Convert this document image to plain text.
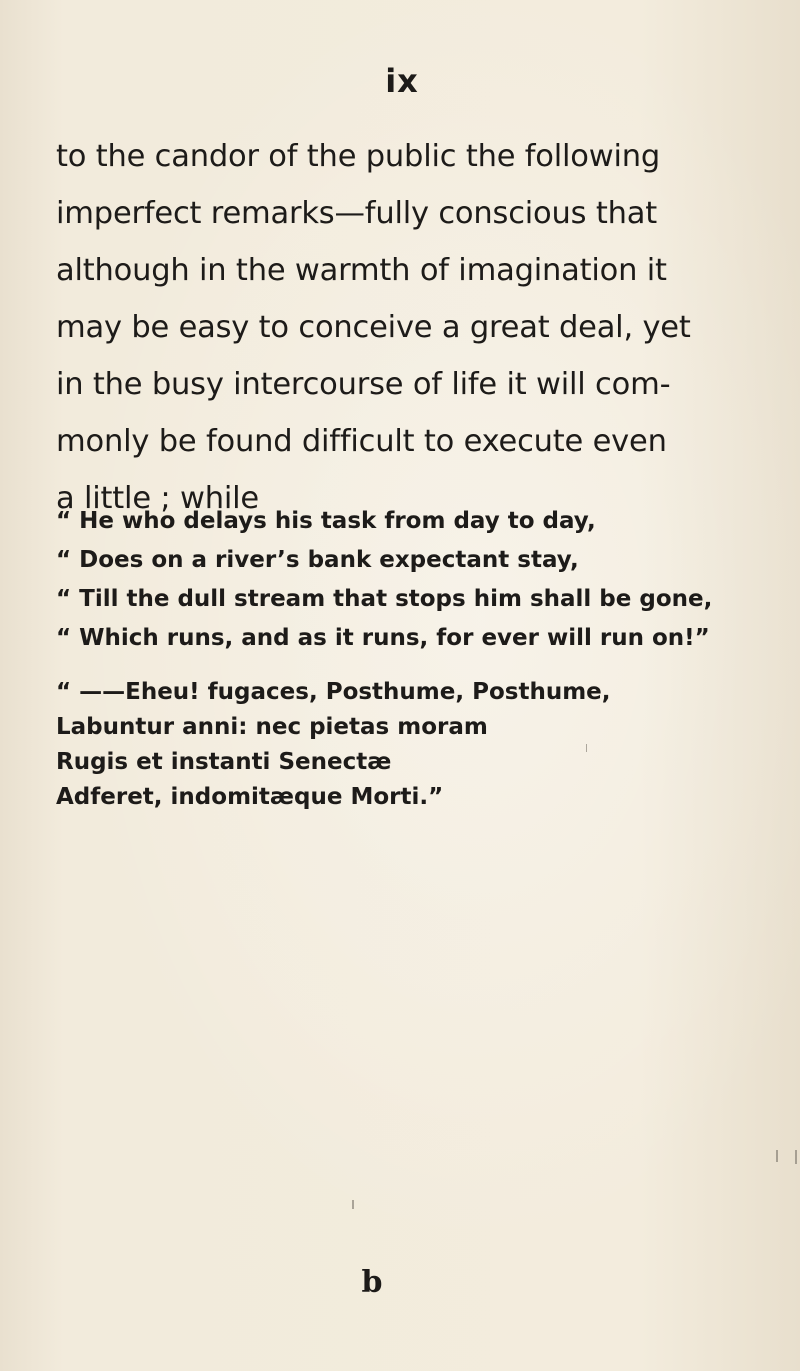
ix
to the candor of the public the following
imperfect remarks—fully conscious that
although in the warmth of imagination it
may be easy to conceive a great deal, yet
in the busy intercourse of life it will com-
monly be found difficult to execute even
a little ; while
“ He who delays his task from day to day,
“ Does on a river’s bank expectant stay,
“ Till the dull stream that stops him shall be gone,
“ Which runs, and as it runs, for ever will run on!”
“ ——Eheu! fugaces, Posthume, Posthume,
Labuntur anni: nec pietas moram
Rugis et instanti Senectæ
Adferet, indomitæque Morti.”
b
